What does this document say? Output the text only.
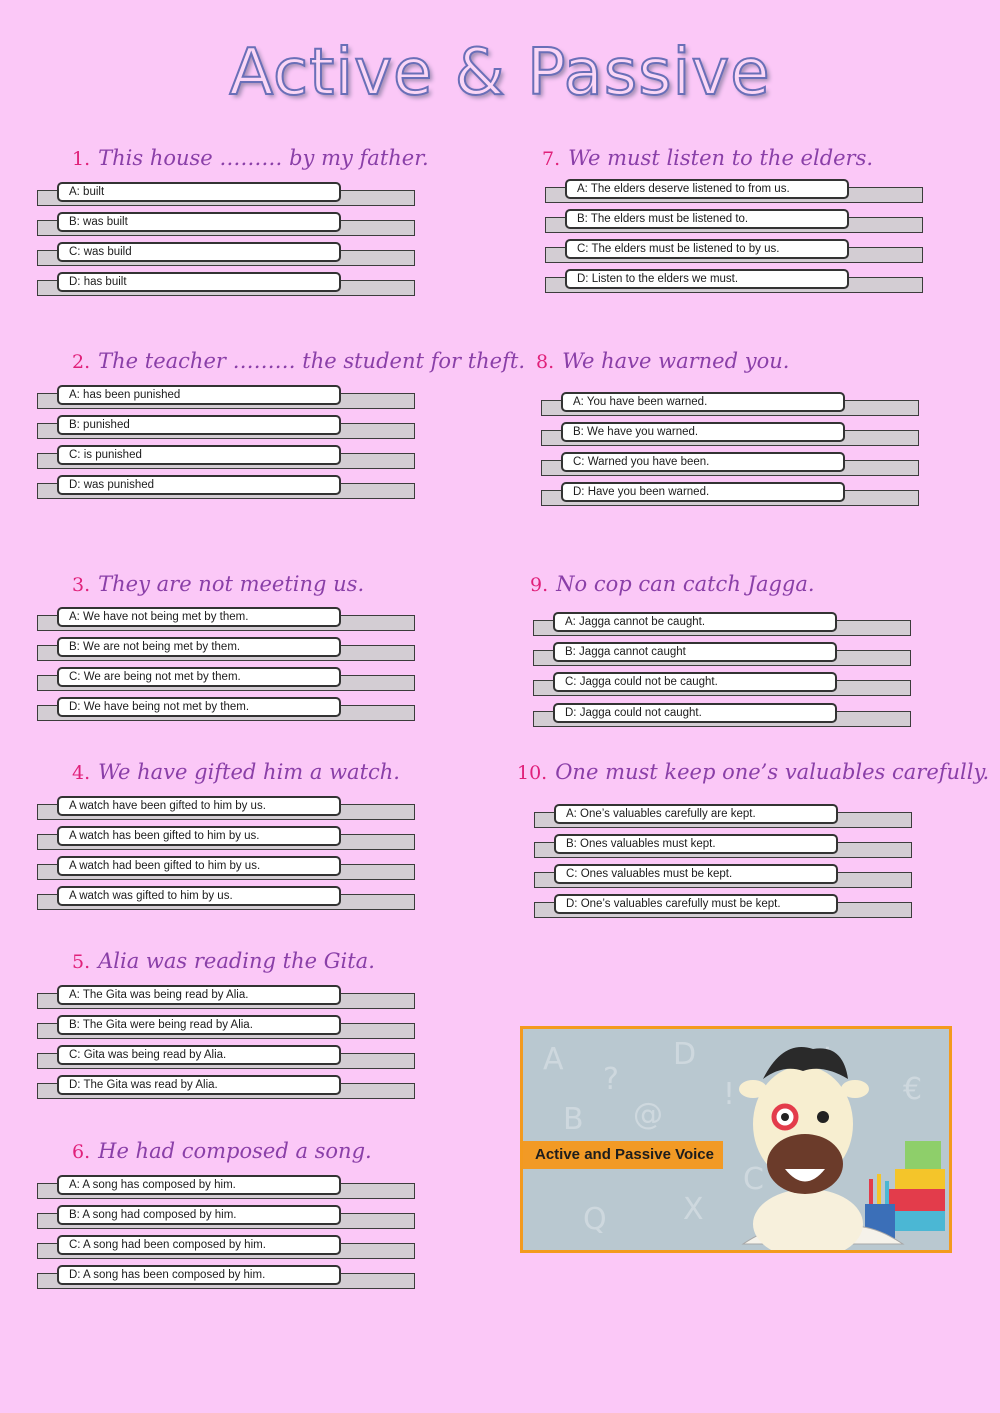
Active & Passive
1. This house ……… by my father.
A: built
B: was built
C: was build
D: has built
2. The teacher ……… the student for theft.
A: has been punished
B: punished
C: is punished
D: was punished
3. They are not meeting us.
A: We have not being met by them.
B: We are not being met by them.
C: We are being not met by them.
D: We have being not met by them.
4. We have gifted him a watch.
A watch have been gifted to him by us.
A watch has been gifted to him by us.
A watch had been gifted to him by us.
A watch was gifted to him by us.
5. Alia was reading the Gita.
A: The Gita was being read by Alia.
B: The Gita were being read by Alia.
C: Gita was being read by Alia.
D: The Gita was read by Alia.
6. He had composed a song.
A: A song has composed by him.
B: A song had composed by him.
C: A song had been composed by him.
D: A song has been composed by him.
7. We must listen to the elders.
A: The elders deserve listened to from us.
B: The elders must be listened to.
C: The elders must be listened to by us.
D: Listen to the elders we must.
8. We have warned you.
A: You have been warned.
B: We have you warned.
C: Warned you have been.
D: Have you been warned.
9. No cop can catch Jagga.
A: Jagga cannot be caught.
B: Jagga cannot caught
C: Jagga could not be caught.
D: Jagga could not caught.
10. One must keep one’s valuables carefully.
A: One’s valuables carefully are kept.
B: Ones valuables must kept.
C: Ones valuables must be kept.
D: One’s valuables carefully must be kept.
A
?
D
!
B @
€
X
Q
C
Active and Passive Voice
